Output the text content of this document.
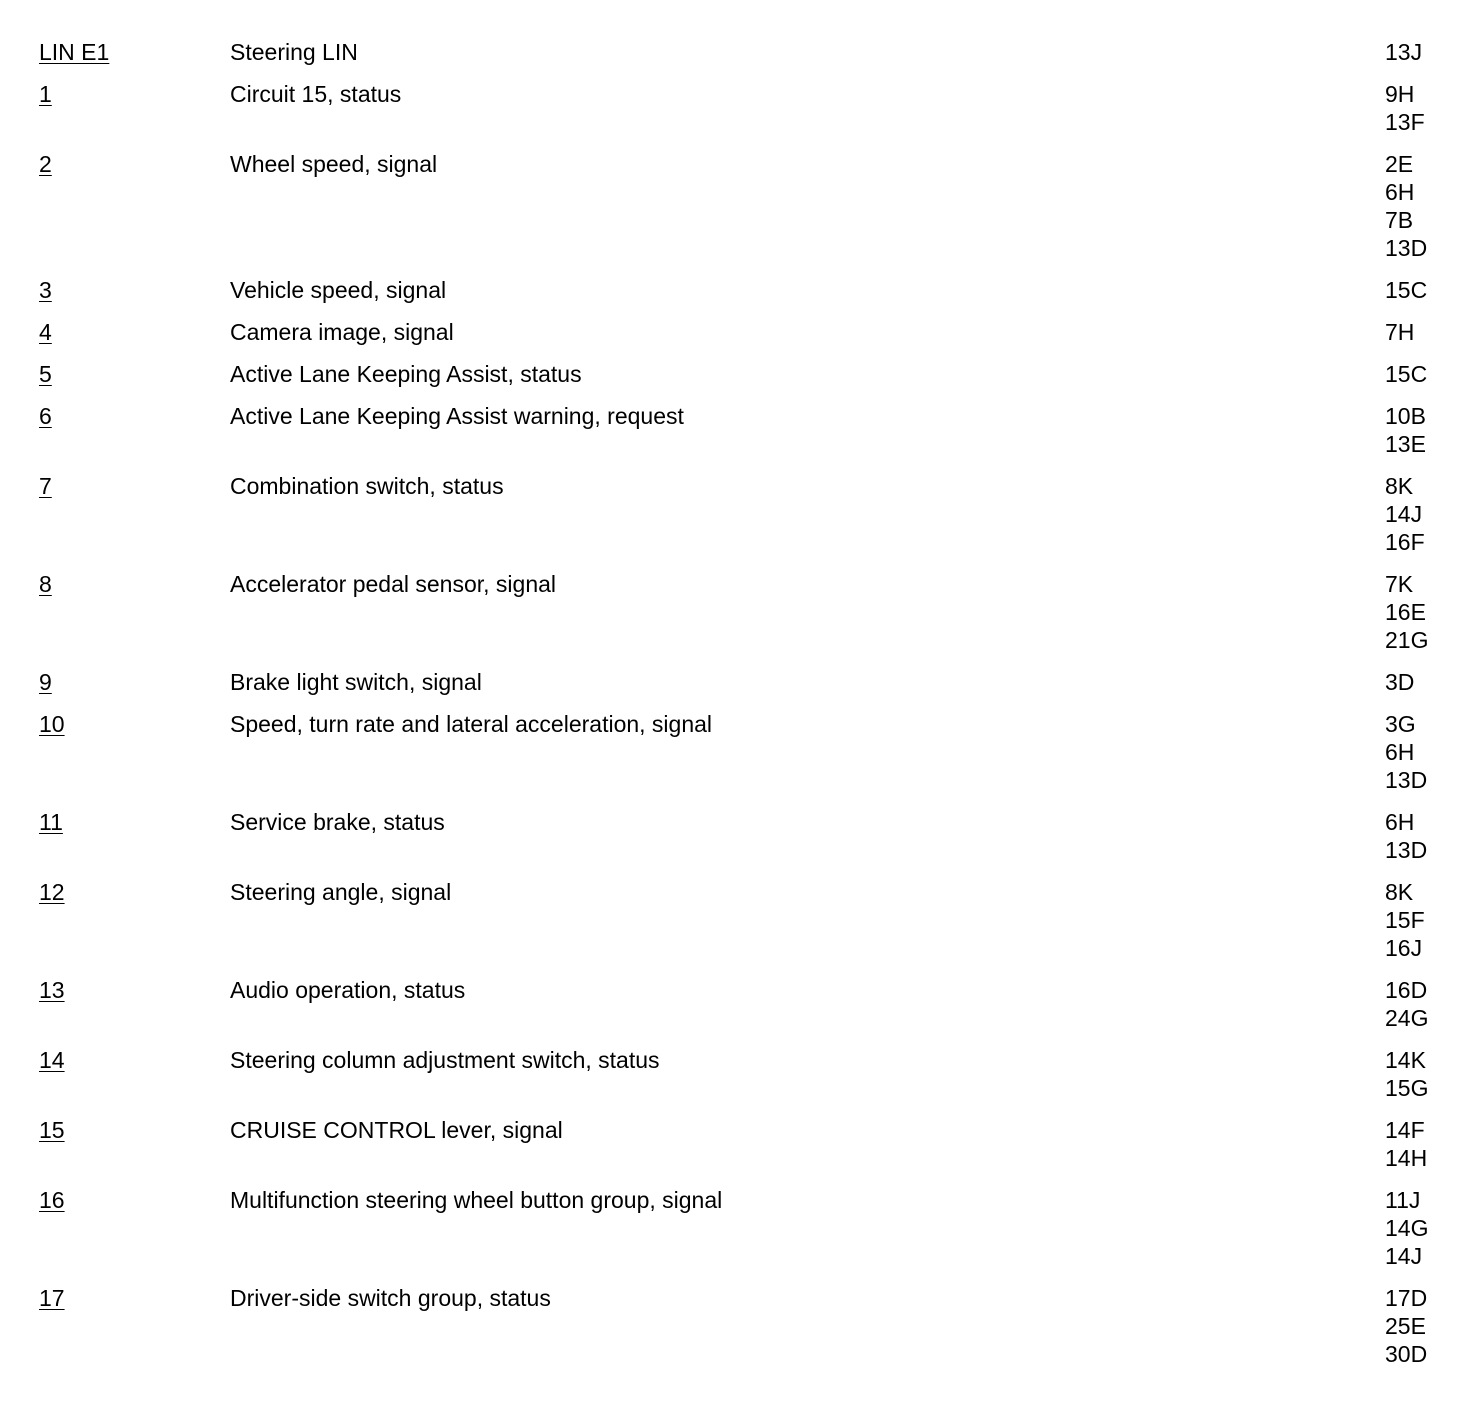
LIN E1	Steering LIN	13J
1	Circuit 15, status	9H
13F
2	Wheel speed, signal	2E
6H
7B
13D
3	Vehicle speed, signal	15C
4	Camera image, signal	7H
5	Active Lane Keeping Assist, status	15C
6	Active Lane Keeping Assist warning, request	10B
13E
7	Combination switch, status	8K
14J
16F
8	Accelerator pedal sensor, signal	7K
16E
21G
9	Brake light switch, signal	3D
10	Speed, turn rate and lateral acceleration, signal	3G
6H
13D
11	Service brake, status	6H
13D
12	Steering angle, signal	8K
15F
16J
13	Audio operation, status	16D
24G
14	Steering column adjustment switch, status	14K
15G
15	CRUISE CONTROL lever, signal	14F
14H
16	Multifunction steering wheel button group, signal	11J
14G
14J
17	Driver-side switch group, status	17D
25E
30D
